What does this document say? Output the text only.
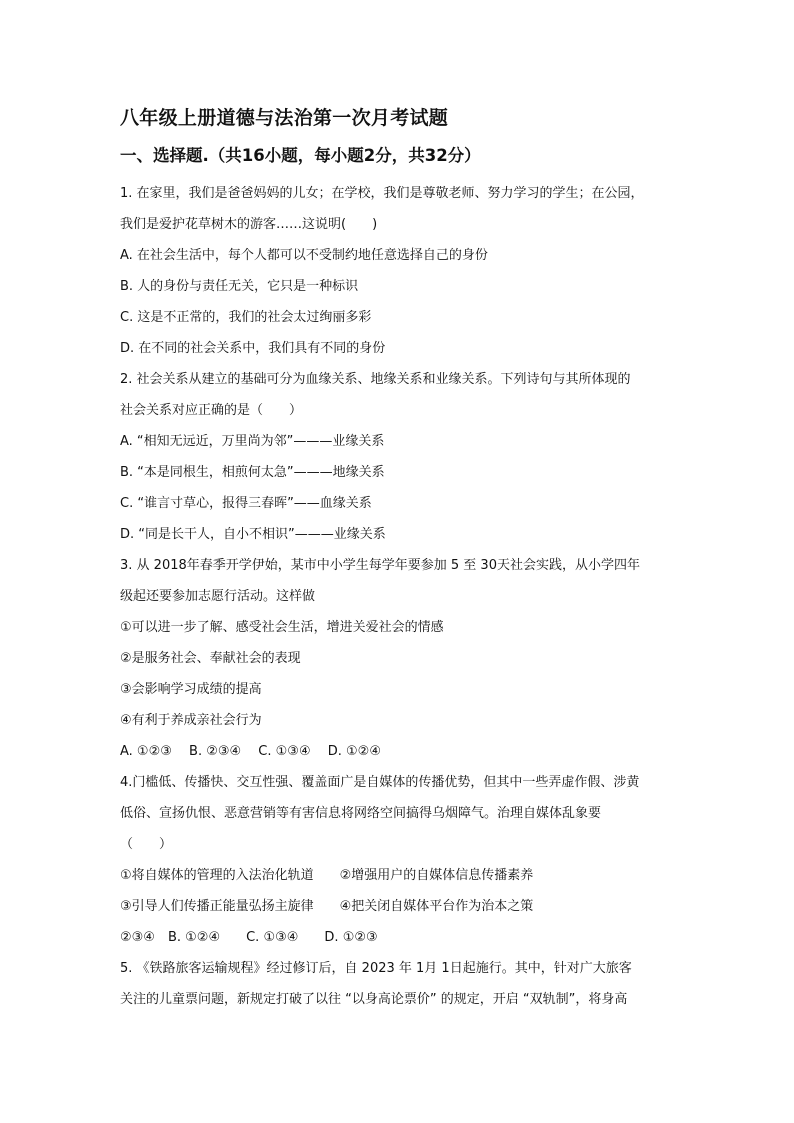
八年级上册道德与法治第一次月考试题
一、选择题.（共16小题，每小题2分，共32分）
1. 在家里，我们是爸爸妈妈的儿女；在学校，我们是尊敬老师、努力学习的学生；在公园，
我们是爱护花草树木的游客……这说明(　　)
A. 在社会生活中，每个人都可以不受制约地任意选择自己的身份
B. 人的身份与责任无关，它只是一种标识
C. 这是不正常的，我们的社会太过绚丽多彩
D. 在不同的社会关系中，我们具有不同的身份
2. 社会关系从建立的基础可分为血缘关系、地缘关系和业缘关系。下列诗句与其所体现的
社会关系对应正确的是（　　）
A. “相知无远近，万里尚为邻”———业缘关系
B. “本是同根生，相煎何太急”———地缘关系
C. “谁言寸草心，报得三春晖”——血缘关系
D. “同是长干人，自小不相识”———业缘关系
3. 从 2018年春季开学伊始，某市中小学生每学年要参加 5 至 30天社会实践，从小学四年
级起还要参加志愿行活动。这样做
①可以进一步了解、感受社会生活，增进关爱社会的情感
②是服务社会、奉献社会的表现
③会影响学习成绩的提高
④有利于养成亲社会行为
A. ①②③　 B. ②③④　 C. ①③④　 D. ①②④
4.门槛低、传播快、交互性强、覆盖面广是自媒体的传播优势，但其中一些弄虚作假、涉黄
低俗、宣扬仇恨、恶意营销等有害信息将网络空间搞得乌烟障气。治理自媒体乱象要
（　　）
①将自媒体的管理的入法治化轨道　　②增强用户的自媒体信息传播素养
③引导人们传播正能量弘扬主旋律　　④把关闭自媒体平台作为治本之策
②③④　B. ①②④　　C. ①③④　　D. ①②③
5. 《铁路旅客运输规程》经过修订后，自 2023 年 1月 1日起施行。其中，针对广大旅客
关注的儿童票问题，新规定打破了以往 “以身高论票价” 的规定，开启 “双轨制”，将身高
